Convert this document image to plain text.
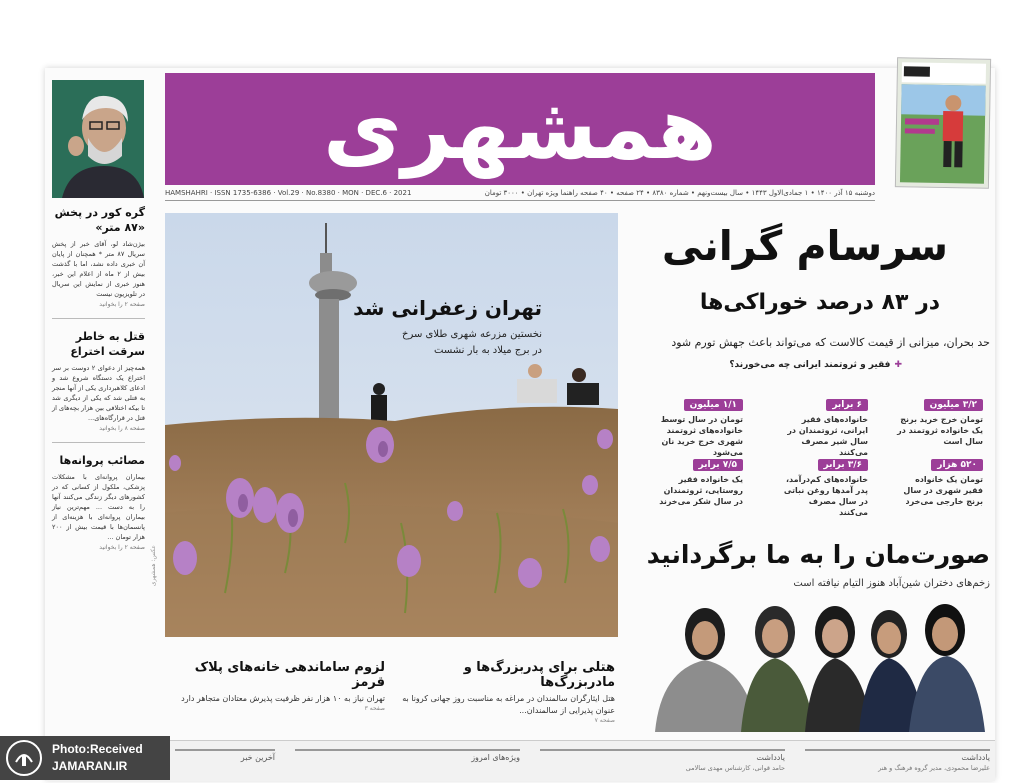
همشهری
HAMSHAHRI · ISSN 1735-6386 · Vol.29 · No.8380 · MON · DEC.6 · 2021	دوشنبه ۱۵ آذر ۱۴۰۰ • ۱ جمادی‌الاول ۱۴۴۳ • سال بیست‌ونهم • شماره ۸۳۸۰ • ۲۴ صفحه • ۴۰ صفحه راهنما ویژه تهران • ۳۰۰۰ تومان
گره کور در پخش «۸۷ متر»

بیژن‌شاد لو، آقای خبر از پخش سریال ۸۷ متر * همچنان از پایان آن خبری داده نشد، اما با گذشت بیش از ۲ ماه از اعلام این خبر، هنوز خبری از نمایش این سریال در تلویزیون نیست

صفحه ۲ را بخوانید
قتل به خاطر سرقت اختراع

همه‌چیز از دعوای ۲ دوست بر سر اختراع یک دستگاه شروع شد و ادعای کلاهبرداری یکی از آنها منجر به قتلی شد که یکی از دیگری شد تا بیکه اختلافی بین هزار بچه‌های از قتل در قرارگاه‌های...

صفحه ۸ را بخوانید
مصائب پروانه‌ها

بیماران پروانه‌ای با مشکلات پزشکی، ملکول از کسانی که در کشورهای دیگر زندگی می‌کنند آنها را به دست ... مهم‌ترین نیاز بیماران پروانه‌ای با هزینه‌ای از پانسمان‌ها با قیمت بیش از ۲۰۰ هزار تومان ...

صفحه ۲ را بخوانید عکس: همشهری
تهران زعفرانی شد
نخستین مزرعه شهری طلای سرخ
در برج میلاد به بار نشست
هتلی برای پدربزرگ‌ها و مادربزرگ‌ها

هتل ایثارگران سالمندان در مراغه به مناسبت روز جهانی کرونا به عنوان پذیرایی از سالمندان...

صفحه ۷
لزوم ساماندهی خانه‌های پلاک قرمز

تهران نیاز به ۱۰ هزار نفر ظرفیت پذیرش معتادان متجاهر دارد

صفحه ۳
سرسام گرانی
در ۸۳ درصد خوراکی‌ها
حد بحران، میزانی از قیمت کالاست که می‌تواند باعث جهش تورم شود
✚فقیر و ثروتمند ایرانی چه می‌خورند؟
۳/۲ میلیون

تومان خرج خرید برنج یک خانواده ثروتمند در سال است

۶ برابر

خانواده‌های فقیر ایرانی، ثروتمندان در سال شیر مصرف می‌کنند

۱/۱ میلیون

تومان در سال توسط خانواده‌های ثروتمند شهری خرج خرید نان می‌شود

۵۲۰ هزار

تومان یک خانواده فقیر شهری در سال برنج خارجی می‌خرد

۳/۶ برابر

خانواده‌های کم‌درآمد، پدر آمدها روغن نباتی در سال مصرف می‌کنند

۷/۵ برابر

یک خانواده فقیر روستایی، ثروتمندان در سال شکر می‌خرند

صورت‌مان را به ما برگردانید
زخم‌های دختران شین‌آباد هنوز التیام نیافته است
یادداشت
علیرضا محمودی، مدیر گروه فرهنگ و هنر
یادداشت
حامد قوانی، کارشناس مهدی سالامی
ویژه‌های امروز
آخرین خبر
Photo:Received
JAMARAN.IR
